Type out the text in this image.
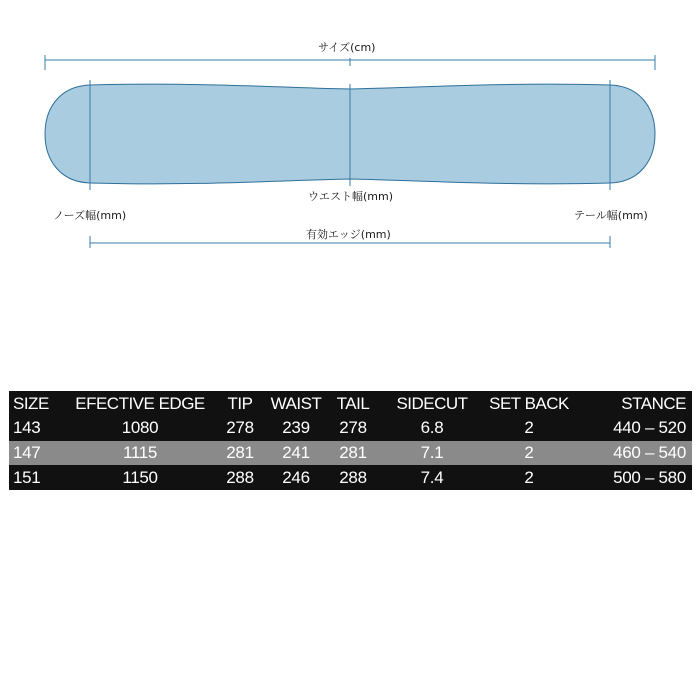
サイズ(cm)
ウエスト幅(mm)
ノーズ幅(mm)	テール幅(mm)
有効エッジ(mm)
SIZE	EFECTIVE EDGE	TIP	WAIST	TAIL	SIDECUT	SET BACK	STANCE
143	1080	278	239	278	6.8	2	440 – 520
147	1115	281	241	281	7.1	2	460 – 540
151	1150	288	246	288	7.4	2	500 – 580
